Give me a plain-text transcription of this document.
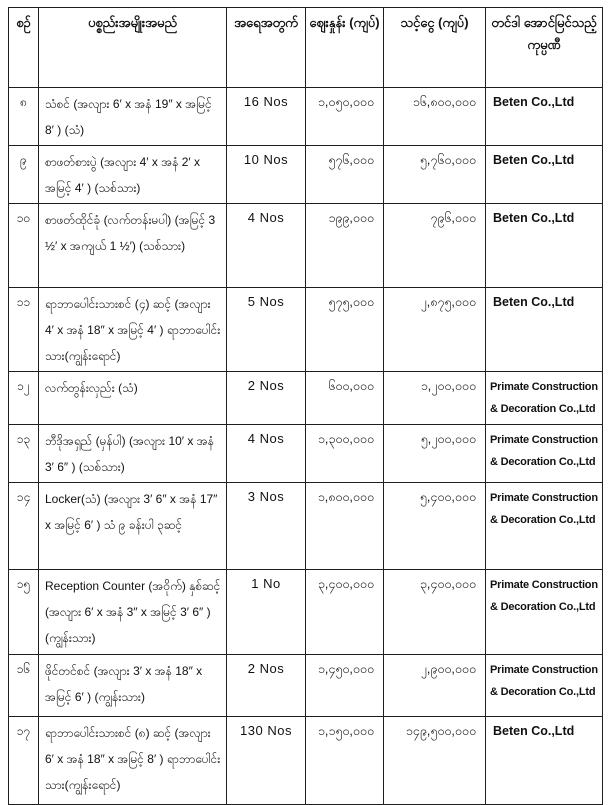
စဉ်	ပစ္စည်းအမျိုးအမည်	အရေအတွက်	ဈေးနှုန်း (ကျပ်)	သင့်ငွေ (ကျပ်)	တင်ဒါ အောင်မြင်သည့် ကုမ္ပဏီ
၈	သံစင် (အလျား 6′ x အနံ 19″ x အမြင့် 8′ ) (သံ)	16 Nos	၁,၀၅၀,၀၀၀	၁၆,၈၀၀,၀၀၀	Beten Co.,Ltd
၉	စာဖတ်စားပွဲ (အလျား 4′ x အနံ 2′ x အမြင့် 4′ ) (သစ်သား)	10 Nos	၅၇၆,၀၀၀	၅,၇၆၀,၀၀၀	Beten Co.,Ltd
၁၀	စာဖတ်ထိုင်ခုံ (လက်တန်းမပါ) (အမြင့် 3 ½′ x အကျယ် 1 ½′) (သစ်သား)	4 Nos	၁၉၉,၀၀၀	၇၉၆,၀၀၀	Beten Co.,Ltd
၁၁	ရာဘာပေါင်းသားစင် (၄) ဆင့် (အလျား 4′ x အနံ 18″ x အမြင့် 4′ ) ရာဘာပေါင်းသား(ကျွန်းရောင်)	5 Nos	၅၇၅,၀၀၀	၂,၈၇၅,၀၀၀	Beten Co.,Ltd
၁၂	လက်တွန်းလှည်း (သံ)	2 Nos	၆၀၀,၀၀၀	၁,၂၀၀,၀၀၀	Primate Construction & Decoration Co.,Ltd
၁၃	ဘီဒိုအရှည် (မှန်ပါ) (အလျား 10′ x အနံ 3′ 6″ ) (သစ်သား)	4 Nos	၁,၃၀၀,၀၀၀	၅,၂၀၀,၀၀၀	Primate Construction & Decoration Co.,Ltd
၁၄	Locker(သံ) (အလျား 3′ 6″ x အနံ 17″ x အမြင့် 6′ ) သံ ၉ ခန်းပါ ၃ဆင့်	3 Nos	၁,၈၀၀,၀၀၀	၅,၄၀၀,၀၀၀	Primate Construction & Decoration Co.,Ltd
၁၅	Reception Counter (အဝိုက်) နှစ်ဆင့် (အလျား 6′ x အနံ 3″ x အမြင့် 3′ 6″ ) (ကျွန်းသား)	1 No	၃,၄၀၀,၀၀၀	၃,၄၀၀,၀၀၀	Primate Construction & Decoration Co.,Ltd
၁၆	ဖိုင်တင်စင် (အလျား 3′ x အနံ 18″ x အမြင့် 6′ ) (ကျွန်းသား)	2 Nos	၁,၄၅၀,၀၀၀	၂,၉၀၀,၀၀၀	Primate Construction & Decoration Co.,Ltd
၁၇	ရာဘာပေါင်းသားစင် (၈) ဆင့် (အလျား 6′ x အနံ 18″ x အမြင့် 8′ ) ရာဘာပေါင်းသား(ကျွန်းရောင်)	130 Nos	၁,၁၅၀,၀၀၀	၁၄၉,၅၀၀,၀၀၀	Beten Co.,Ltd
